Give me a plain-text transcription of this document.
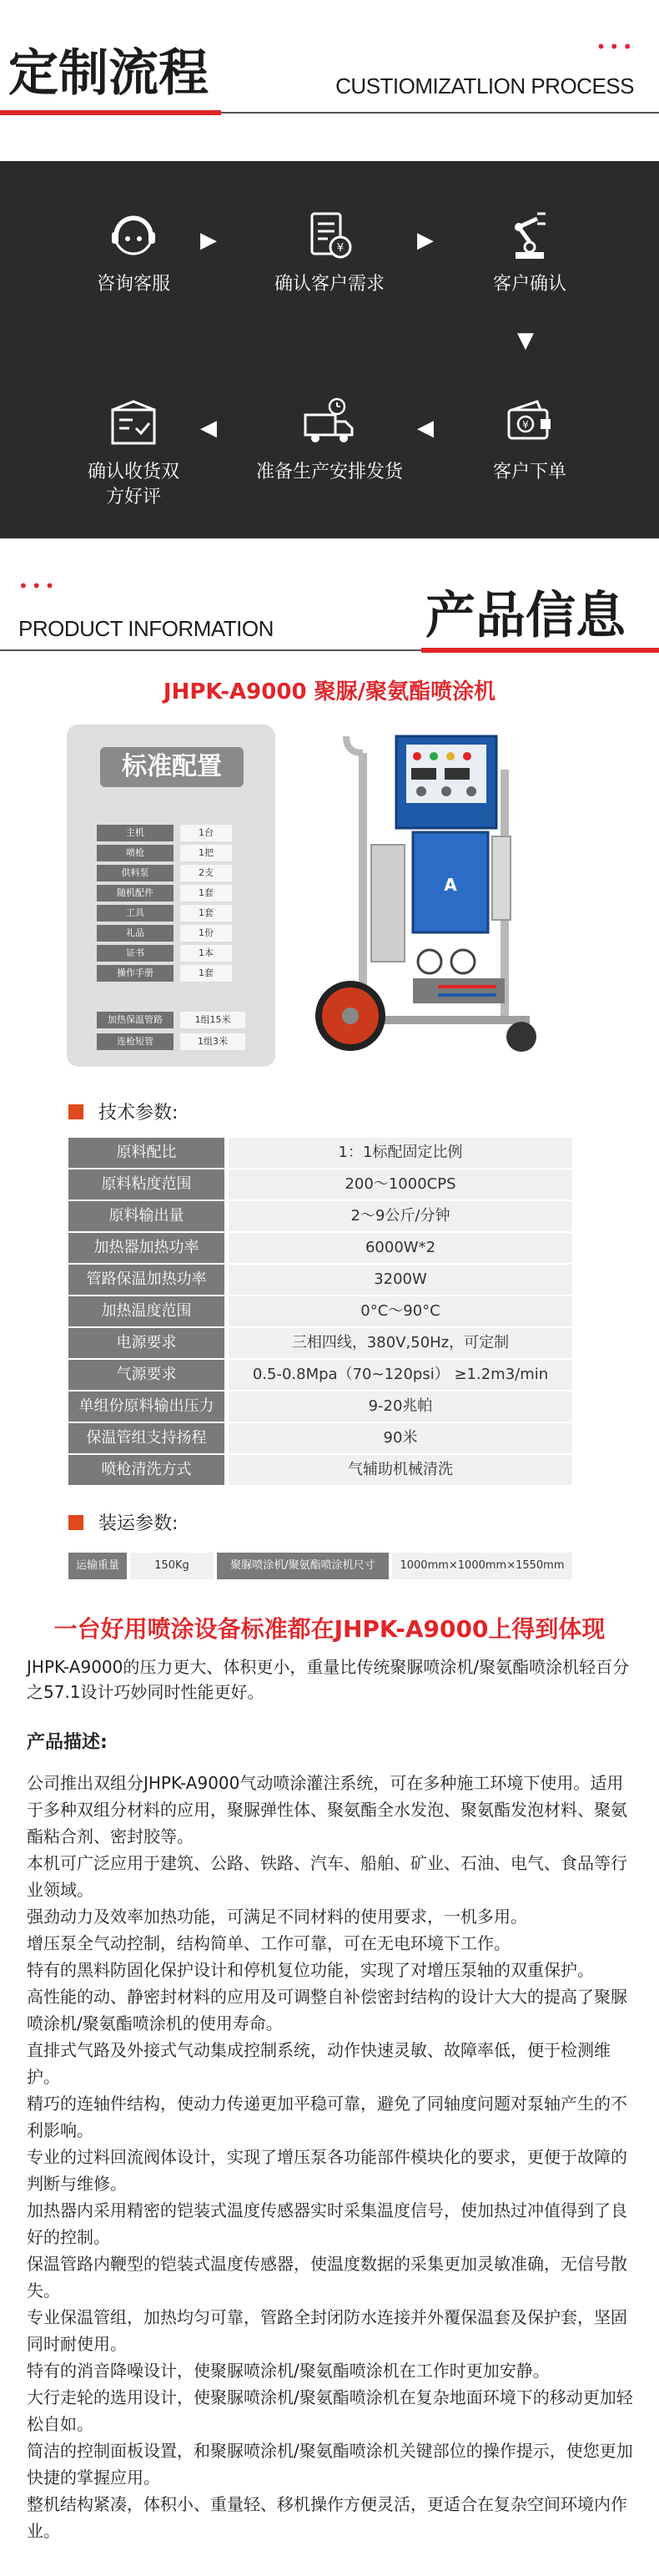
•••
定制流程	CUSTIOMIZATLION PROCESS
咨询客服
▶	¥
确认客户需求
▶
客户确认
▼
¥
客户下单
◀
准备生产安排发货
◀
确认收货双方好评
•••
产品信息
PRODUCT INFORMATION
JHPK-A9000 聚脲/聚氨酯喷涂机
标准配置
主机	1台
喷枪	1把
供料泵	2支
随机配件	1套
工具	1套
礼品	1份
证书	1本
操作手册	1套
加热保温管路	1组15米
连枪短管	1组3米
A
技术参数:
原料配比	1：1标配固定比例
原料粘度范围	200～1000CPS
原料输出量	2～9公斤/分钟
加热器加热功率	6000W*2
管路保温加热功率	3200W
加热温度范围	0°C～90°C
电源要求	三相四线，380V,50Hz，可定制
气源要求	0.5-0.8Mpa（70~120psi） ≥1.2m3/min
单组份原料输出压力	9-20兆帕
保温管组支持扬程	90米
喷枪清洗方式	气辅助机械清洗
装运参数:
运输重量	150Kg	聚脲喷涂机/聚氨酯喷涂机尺寸	1000mm×1000mm×1550mm
一台好用喷涂设备标准都在JHPK-A9000上得到体现
JHPK-A9000的压力更大、体积更小，重量比传统聚脲喷涂机/聚氨酯喷涂机轻百分之57.1设计巧妙同时性能更好。
产品描述:

公司推出双组分JHPK-A9000气动喷涂灌注系统，可在多种施工环境下使用。适用于多种双组分材料的应用，聚脲弹性体、聚氨酯全水发泡、聚氨酯发泡材料、聚氨酯粘合剂、密封胶等。

本机可广泛应用于建筑、公路、铁路、汽车、船舶、矿业、石油、电气、食品等行业领域。

强劲动力及效率加热功能，可满足不同材料的使用要求，一机多用。

增压泵全气动控制，结构简单、工作可靠，可在无电环境下工作。

特有的黑料防固化保护设计和停机复位功能，实现了对增压泵轴的双重保护。

高性能的动、静密封材料的应用及可调整自补偿密封结构的设计大大的提高了聚脲喷涂机/聚氨酯喷涂机的使用寿命。

直排式气路及外接式气动集成控制系统，动作快速灵敏、故障率低，便于检测维护。

精巧的连轴件结构，使动力传递更加平稳可靠，避免了同轴度问题对泵轴产生的不利影响。

专业的过料回流阀体设计，实现了增压泵各功能部件模块化的要求，更便于故障的判断与维修。

加热器内采用精密的铠装式温度传感器实时采集温度信号，使加热过冲值得到了良好的控制。

保温管路内鞭型的铠装式温度传感器，使温度数据的采集更加灵敏准确，无信号散失。

专业保温管组，加热均匀可靠，管路全封闭防水连接并外覆保温套及保护套，坚固同时耐使用。

特有的消音降噪设计，使聚脲喷涂机/聚氨酯喷涂机在工作时更加安静。

大行走轮的选用设计，使聚脲喷涂机/聚氨酯喷涂机在复杂地面环境下的移动更加轻松自如。

简洁的控制面板设置，和聚脲喷涂机/聚氨酯喷涂机关键部位的操作提示，使您更加快捷的掌握应用。

整机结构紧凑，体积小、重量轻、移机操作方便灵活，更适合在复杂空间环境内作业。
